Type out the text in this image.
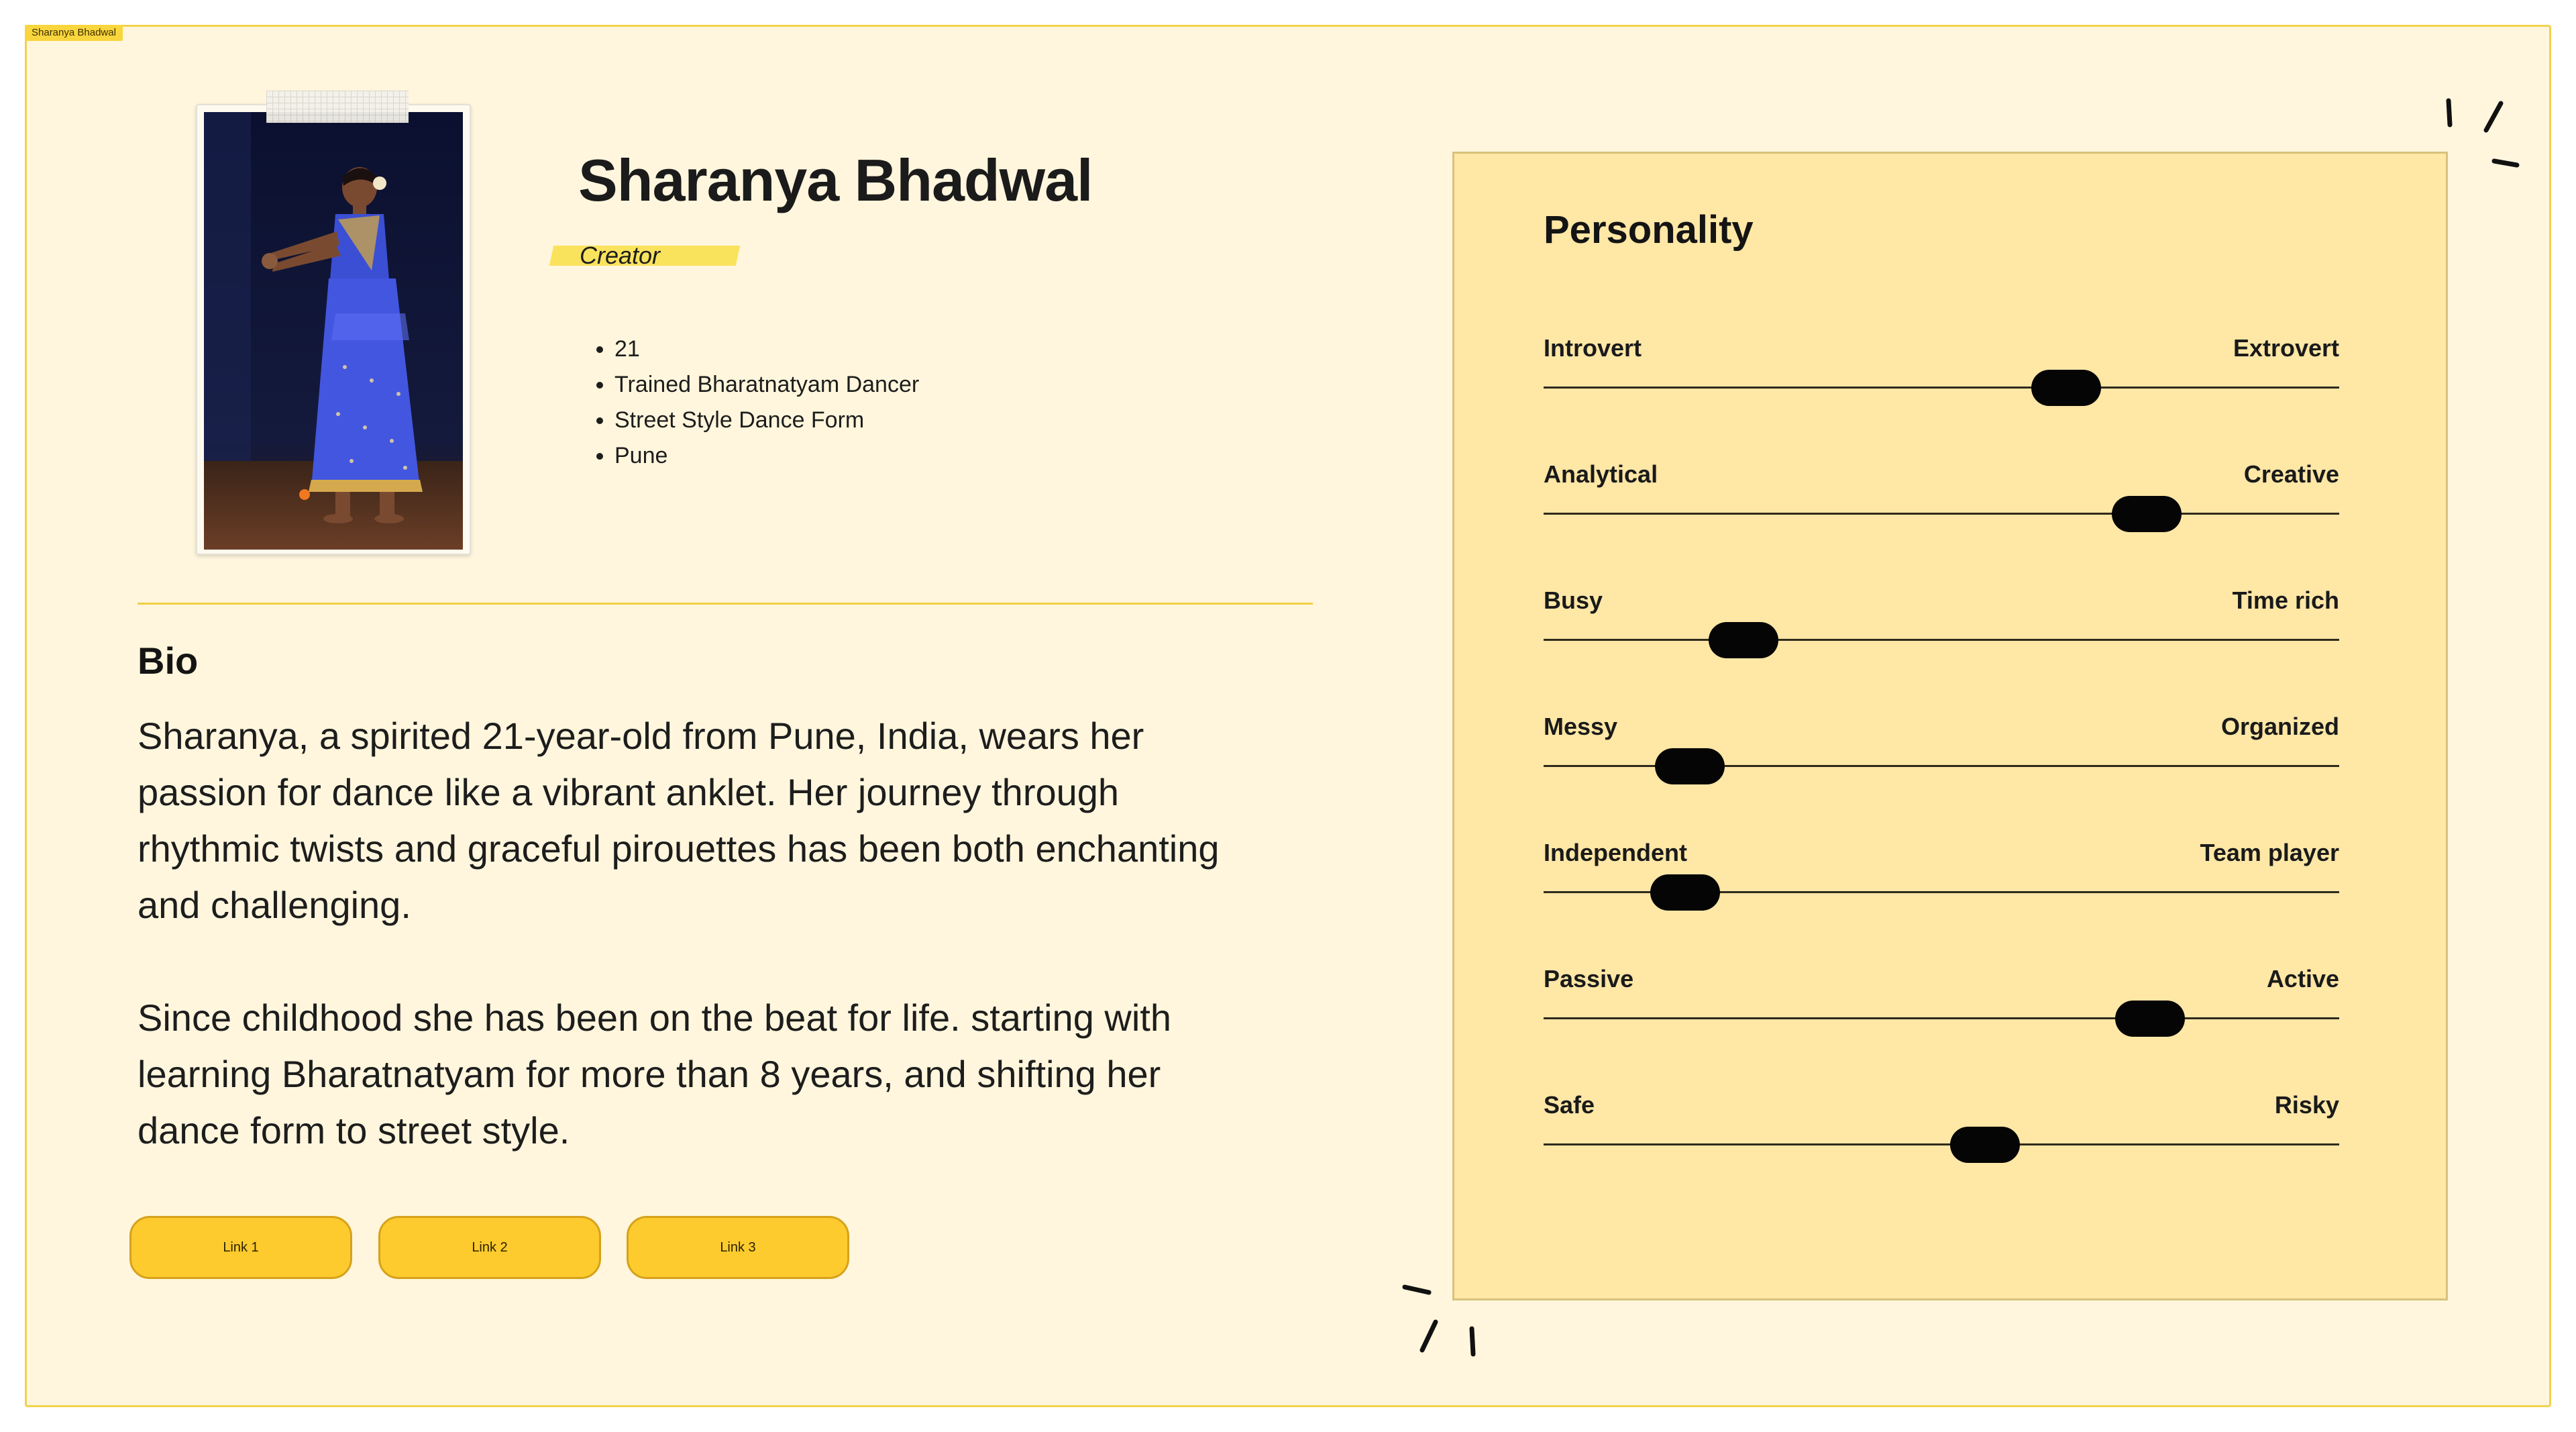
Sharanya Bhadwal
Sharanya Bhadwal
Creator
• 21
• Trained Bharatnatyam Dancer
• Street Style Dance Form
• Pune
Bio

Sharanya, a spirited 21-year-old from Pune, India, wears her passion for dance like a vibrant anklet. Her journey through rhythmic twists and graceful pirouettes has been both enchanting and challenging.

Since childhood she has been on the beat for life. starting with learning Bharatnatyam for more than 8 years, and shifting her dance form to street style.

Link 1	Link 2	Link 3
Personality
Introvert	Extrovert
Analytical	Creative
Busy	Time rich
Messy	Organized
Independent	Team player
Passive	Active
Safe	Risky
